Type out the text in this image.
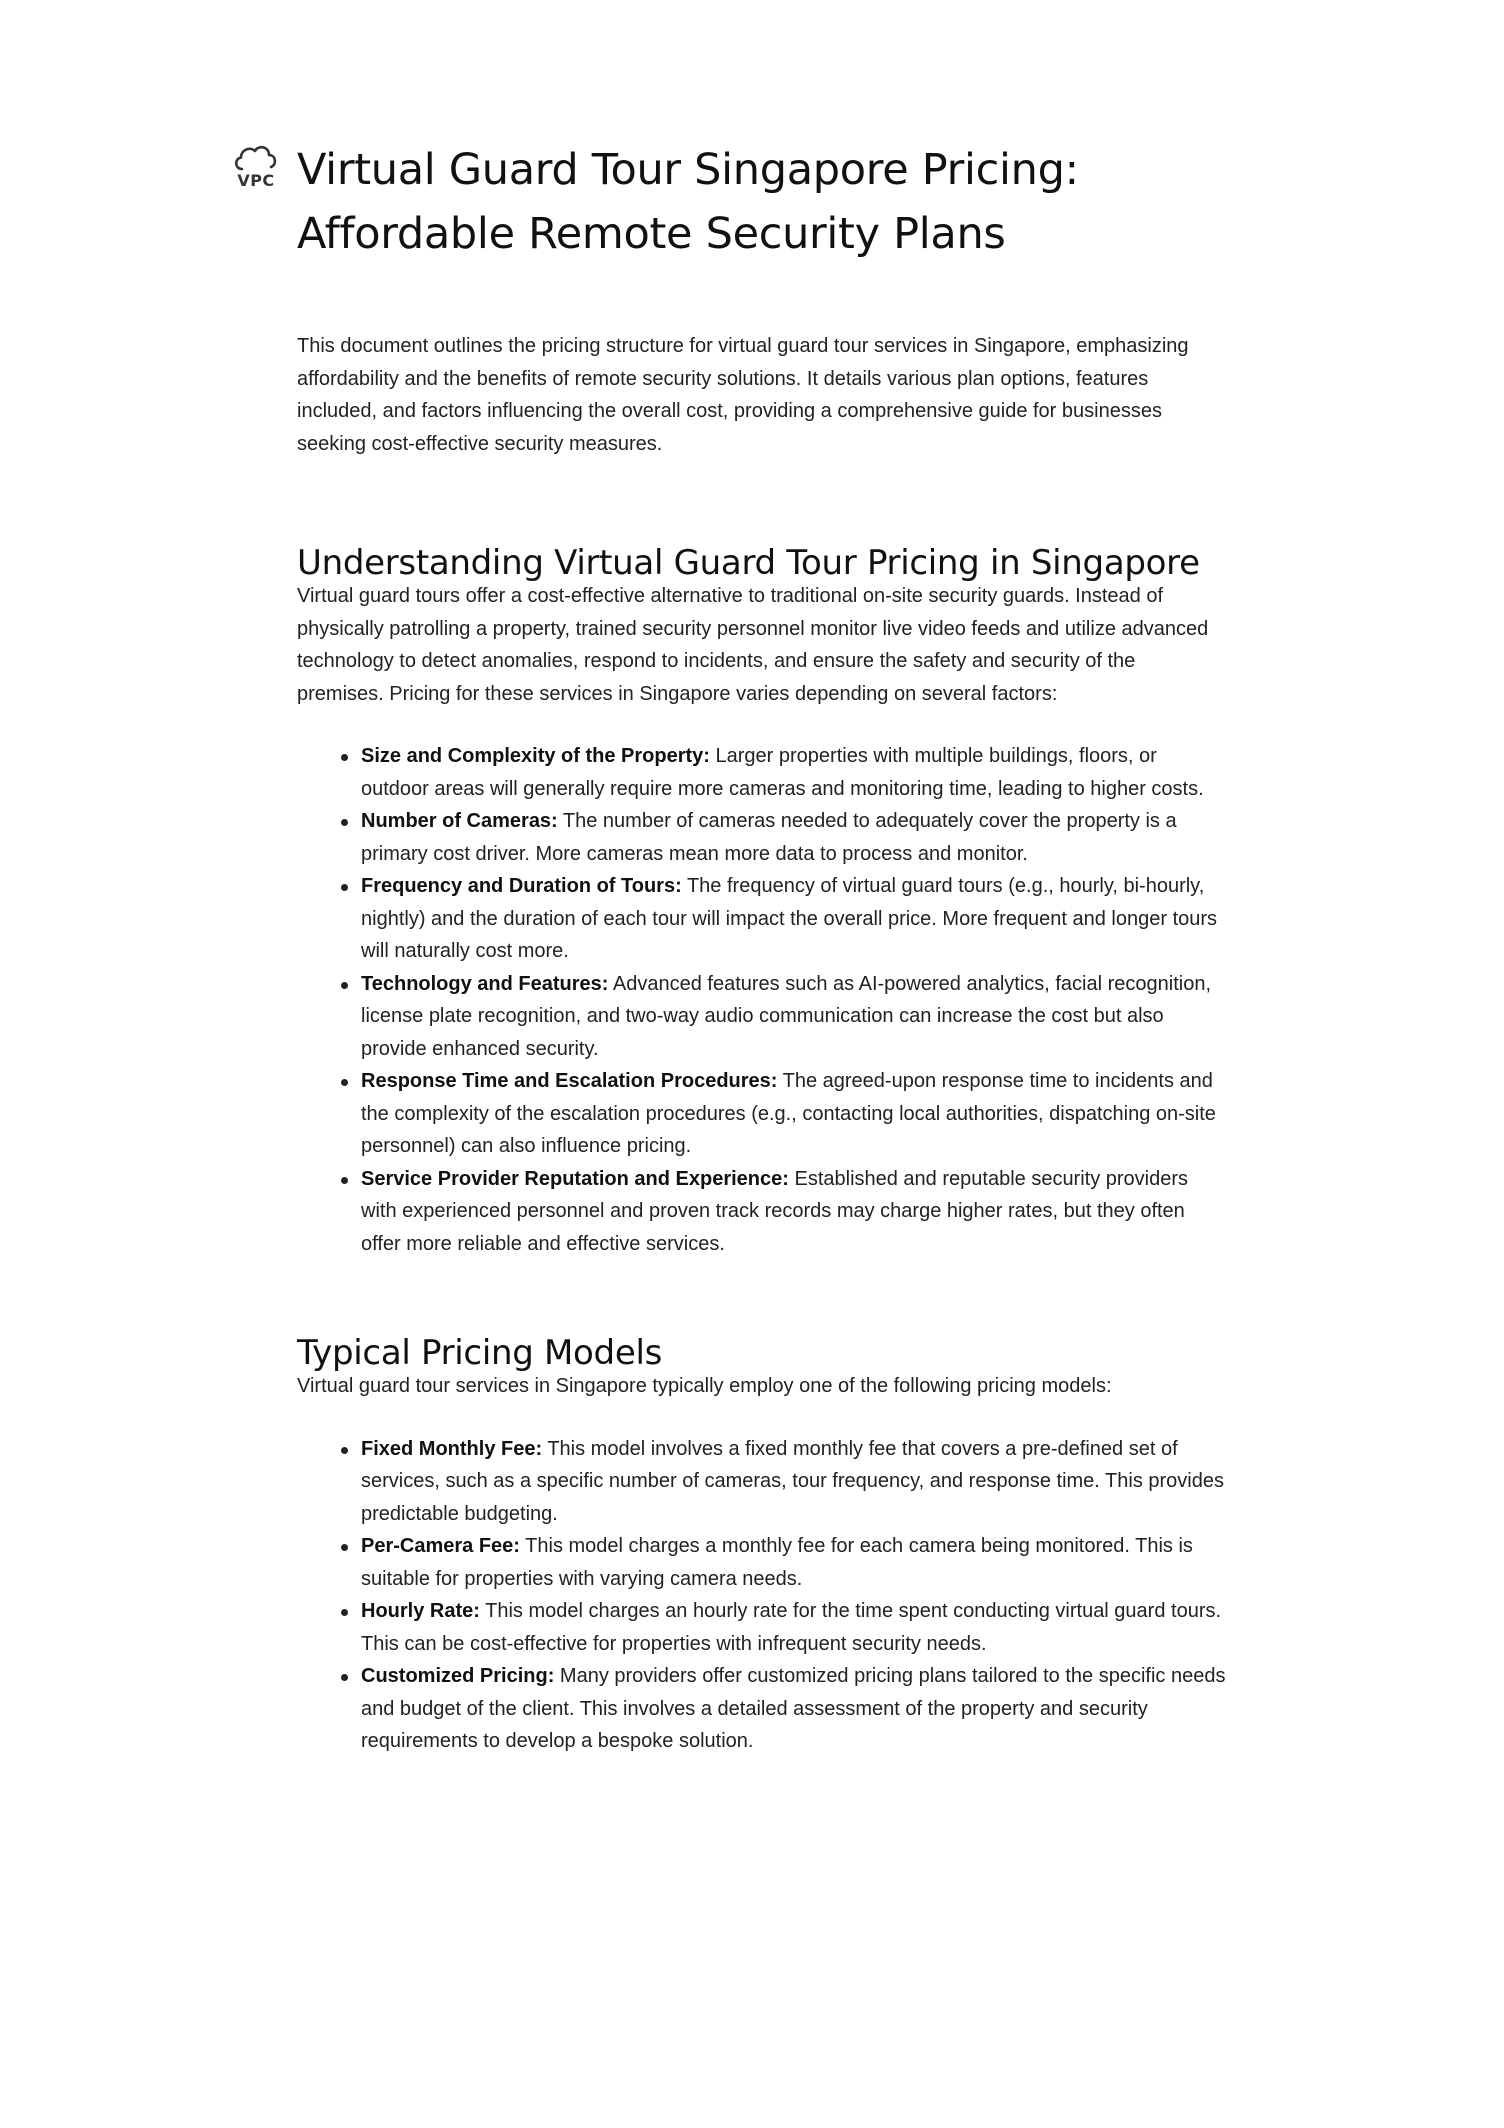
VPC Virtual Guard Tour Singapore Pricing: Affordable Remote Security Plans

This document outlines the pricing structure for virtual guard tour services in Singapore, emphasizing affordability and the benefits of remote security solutions. It details various plan options, features included, and factors influencing the overall cost, providing a comprehensive guide for businesses seeking cost-effective security measures.

Understanding Virtual Guard Tour Pricing in Singapore

Virtual guard tours offer a cost-effective alternative to traditional on-site security guards. Instead of physically patrolling a property, trained security personnel monitor live video feeds and utilize advanced technology to detect anomalies, respond to incidents, and ensure the safety and security of the premises. Pricing for these services in Singapore varies depending on several factors:

Size and Complexity of the Property: Larger properties with multiple buildings, floors, or outdoor areas will generally require more cameras and monitoring time, leading to higher costs.
Number of Cameras: The number of cameras needed to adequately cover the property is a primary cost driver. More cameras mean more data to process and monitor.
Frequency and Duration of Tours: The frequency of virtual guard tours (e.g., hourly, bi-hourly, nightly) and the duration of each tour will impact the overall price. More frequent and longer tours will naturally cost more.
Technology and Features: Advanced features such as AI-powered analytics, facial recognition, license plate recognition, and two-way audio communication can increase the cost but also provide enhanced security.
Response Time and Escalation Procedures: The agreed-upon response time to incidents and the complexity of the escalation procedures (e.g., contacting local authorities, dispatching on-site personnel) can also influence pricing.
Service Provider Reputation and Experience: Established and reputable security providers with experienced personnel and proven track records may charge higher rates, but they often offer more reliable and effective services.
Typical Pricing Models

Virtual guard tour services in Singapore typically employ one of the following pricing models:

Fixed Monthly Fee: This model involves a fixed monthly fee that covers a pre-defined set of services, such as a specific number of cameras, tour frequency, and response time. This provides predictable budgeting.
Per-Camera Fee: This model charges a monthly fee for each camera being monitored. This is suitable for properties with varying camera needs.
Hourly Rate: This model charges an hourly rate for the time spent conducting virtual guard tours. This can be cost-effective for properties with infrequent security needs.
Customized Pricing: Many providers offer customized pricing plans tailored to the specific needs and budget of the client. This involves a detailed assessment of the property and security requirements to develop a bespoke solution.
